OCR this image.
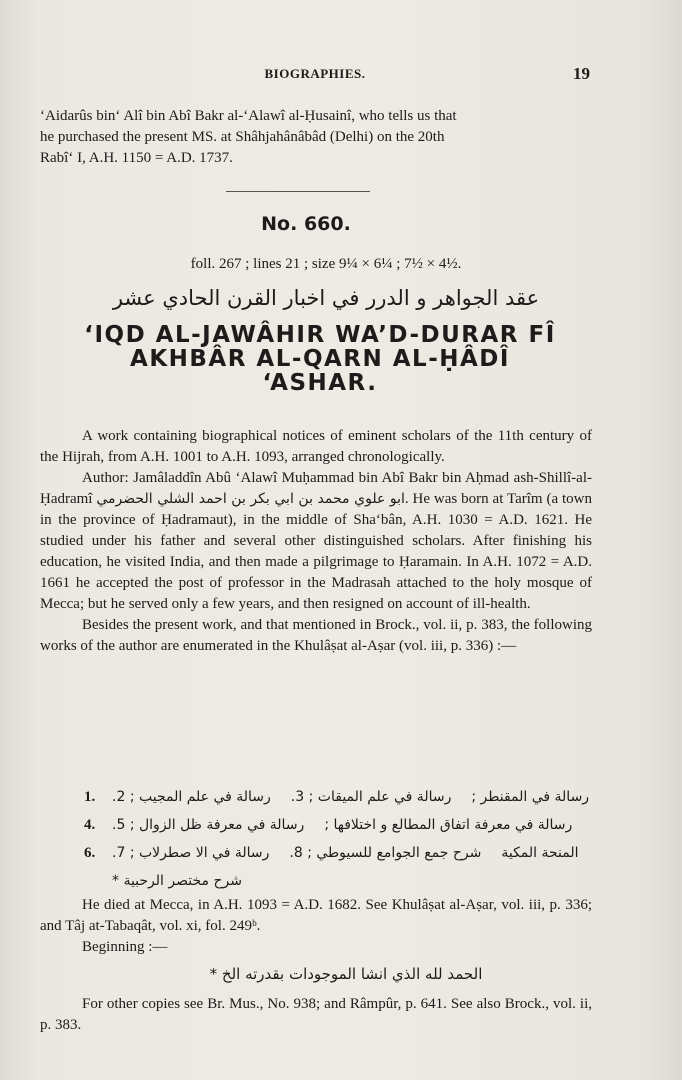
BIOGRAPHIES.	19
‘Aidarûs bin‘ Alî bin Abî Bakr al-‘Alawî al-Ḥusainî, who tells us that
he purchased the present MS. at Shâhjahânâbâd (Delhi) on the 20th
Rabî‘ I, A.H. 1150 = A.D. 1737.
No. 660.
foll. 267 ; lines 21 ; size 9¼ × 6¼ ; 7½ × 4½.
عقد الجواهر و الدرر في اخبار القرن الحادي عشر
‘IQD AL-JAWÂHIR WA’D-DURAR FÎ
AKHBÂR AL-QARN AL-ḤÂDÎ
‘ASHAR.

A work containing biographical notices of eminent scholars of the 11th century of the Hijrah, from A.H. 1001 to A.H. 1093, arranged chronologically.

Author: Jamâladdîn Abû ‘Alawî Muḥammad bin Abî Bakr bin Aḥmad ash-Shillî-al-Ḥadramî ابو علوي محمد بن ابي بكر بن احمد الشلي الحضرمي. He was born at Tarîm (a town in the province of Ḥadramaut), in the middle of Sha‘bân, A.H. 1030 = A.D. 1621. He studied under his father and several other distinguished scholars. After finishing his education, he visited India, and then made a pilgrimage to Ḥaramain. In A.H. 1072 = A.D. 1661 he accepted the post of professor in the Madrasah attached to the holy mosque of Mecca; but he served only a few years, and then resigned on account of ill-health.

Besides the present work, and that mentioned in Brock., vol. ii, p. 383, the following works of the author are enumerated in the Khulâṣat al-Aṣar (vol. iii, p. 336) :—

1.	رسالة في علم المجيب ; 2. رسالة في علم الميقات ; 3. رسالة في المقنطر ;
4.	رسالة في معرفة ظل الزوال ; 5. رسالة في معرفة اتفاق المطالع و اختلافها ;
6.	رسالة في الا صطرلاب ; 7. شرح جمع الجوامع للسيوطي ; 8. المنحة المكية
شرح مختصر الرحبية *

He died at Mecca, in A.H. 1093 = A.D. 1682. See Khulâṣat al-Aṣar, vol. iii, p. 336; and Tâj at-Tabaqât, vol. xi, fol. 249ᵇ.

Beginning :—

الحمد لله الذي انشا الموجودات بقدرته الخ *

For other copies see Br. Mus., No. 938; and Râmpûr, p. 641. See also Brock., vol. ii, p. 383.
